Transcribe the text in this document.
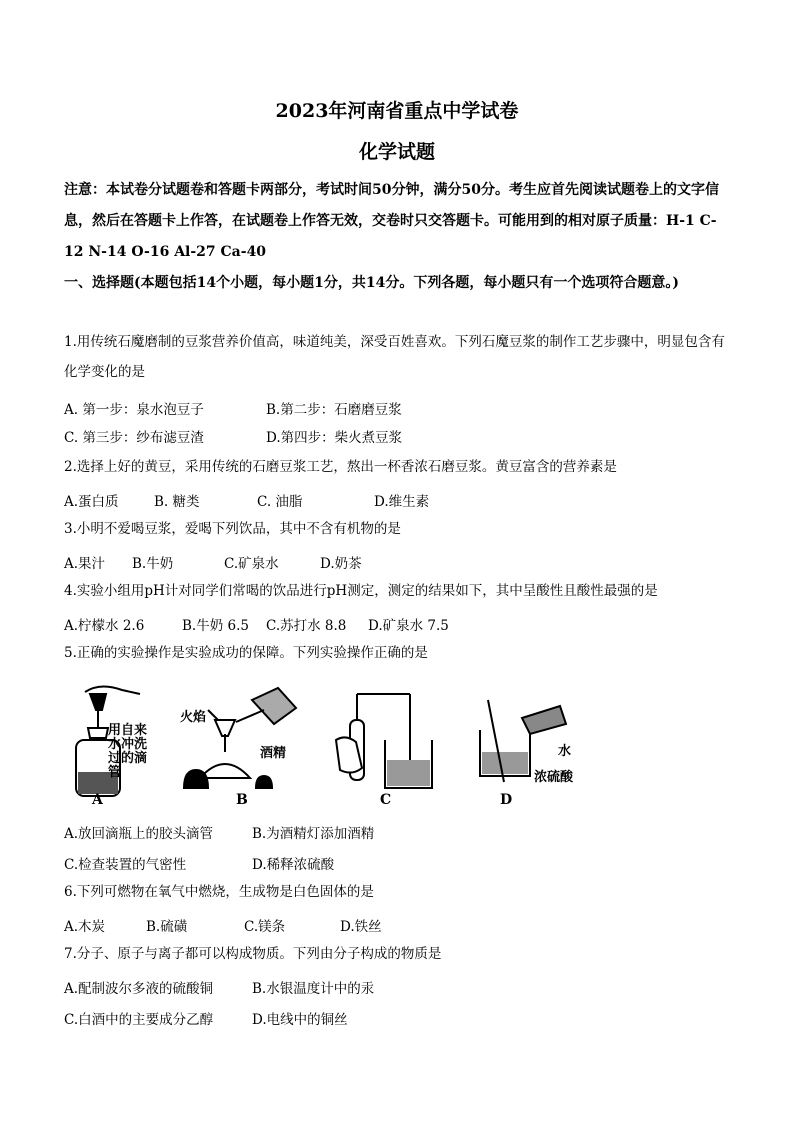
2023年河南省重点中学试卷
化学试题
注意：本试卷分试题卷和答题卡两部分，考试时间50分钟，满分50分。考生应首先阅读试题卷上的文字信息，然后在答题卡上作答，在试题卷上作答无效，交卷时只交答题卡。可能用到的相对原子质量：H-1 C-12 N-14 O-16 Al-27 Ca-40
一、选择题(本题包括14个小题，每小题1分，共14分。下列各题，每小题只有一个选项符合题意。)
1.用传统石魔磨制的豆浆营养价值高，味道纯美，深受百姓喜欢。下列石魔豆浆的制作工艺步骤中，明显包含有化学变化的是
A. 第一步：泉水泡豆子	B.第二步：石磨磨豆浆
C. 第三步：纱布滤豆渣	D.第四步：柴火煮豆浆
2.选择上好的黄豆，采用传统的石磨豆浆工艺，熬出一杯香浓石磨豆浆。黄豆富含的营养素是
A.蛋白质	B. 糖类	C. 油脂	D.维生素
3.小明不爱喝豆浆，爱喝下列饮品，其中不含有机物的是
A.果汁 B.牛奶	C.矿泉水	D.奶茶
4.实验小组用pH计对同学们常喝的饮品进行pH测定，测定的结果如下，其中呈酸性且酸性最强的是
A.柠檬水 2.6	B.牛奶 6.5 C.苏打水 8.8 D.矿泉水 7.5
5.正确的实验操作是实验成功的保障。下列实验操作正确的是
用自来水冲洗过的滴管
火焰
酒精	水
浓硫酸
A	B	C	D
A.放回滴瓶上的胶头滴管	B.为酒精灯添加酒精
C.检查装置的气密性	D.稀释浓硫酸
6.下列可燃物在氧气中燃烧，生成物是白色固体的是
A.木炭	B.硫磺	C.镁条	D.铁丝
7.分子、原子与离子都可以构成物质。下列由分子构成的物质是
A.配制波尔多液的硫酸铜	B.水银温度计中的汞
C.白酒中的主要成分乙醇	D.电线中的铜丝
